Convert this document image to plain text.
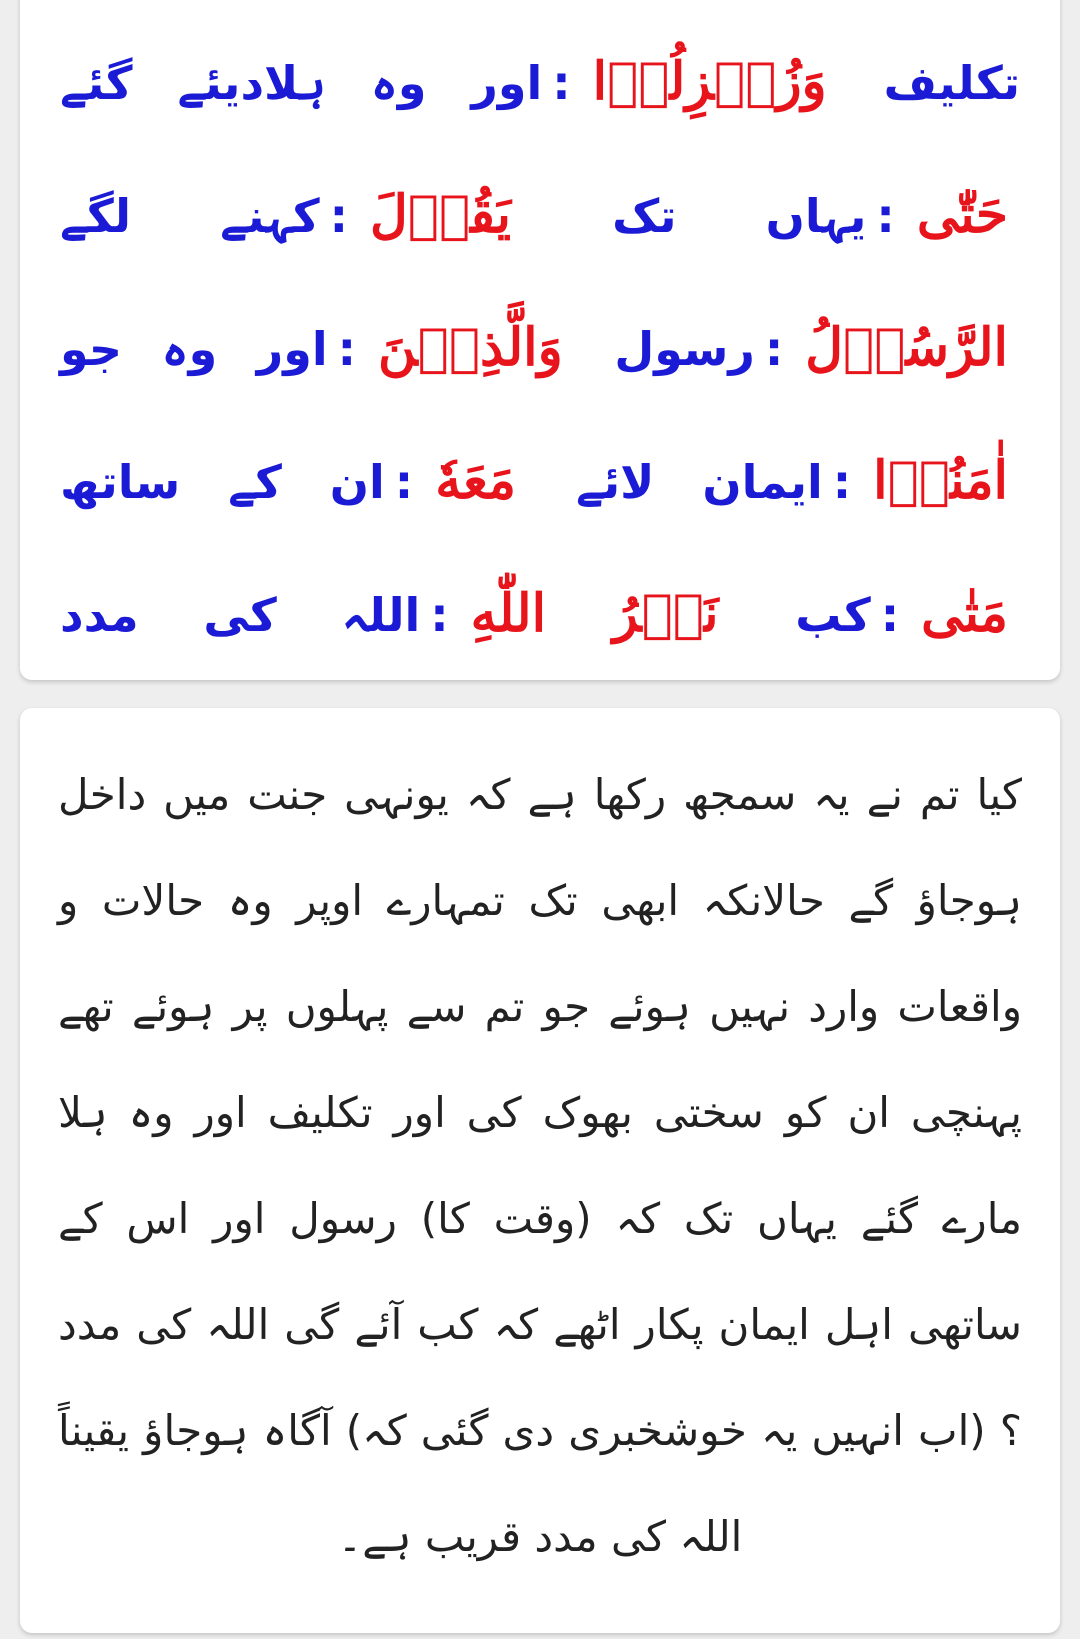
تکلیف وَزُلۡزِلُوۡا:اور وہ ہلادیئے گئے حَتّٰى:یہاں تک يَقُوۡلَ:کہنے لگے الرَّسُوۡلُ:رسول وَالَّذِيۡنَ:اور وہ جو اٰمَنُوۡا:ایمان لائے مَعَهٗ:ان کے ساتھ مَتٰى:کب نَصۡرُ اللّٰهِ:اللہ کی مدد

کیا تم نے یہ سمجھ رکھا ہے کہ یونہی جنت میں داخل ہوجاؤ گے حالانکہ ابھی تک تمہارے اوپر وہ حالات و واقعات وارد نہیں ہوئے جو تم سے پہلوں پر ہوئے تھے پہنچی ان کو سختی بھوک کی اور تکلیف اور وہ ہلا مارے گئے یہاں تک کہ (وقت کا) رسول اور اس کے ساتھی اہل ایمان پکار اٹھے کہ کب آئے گی اللہ کی مدد ؟ (اب انہیں یہ خوشخبری دی گئی کہ) آگاہ ہوجاؤ یقیناً اللہ کی مدد قریب ہے۔
